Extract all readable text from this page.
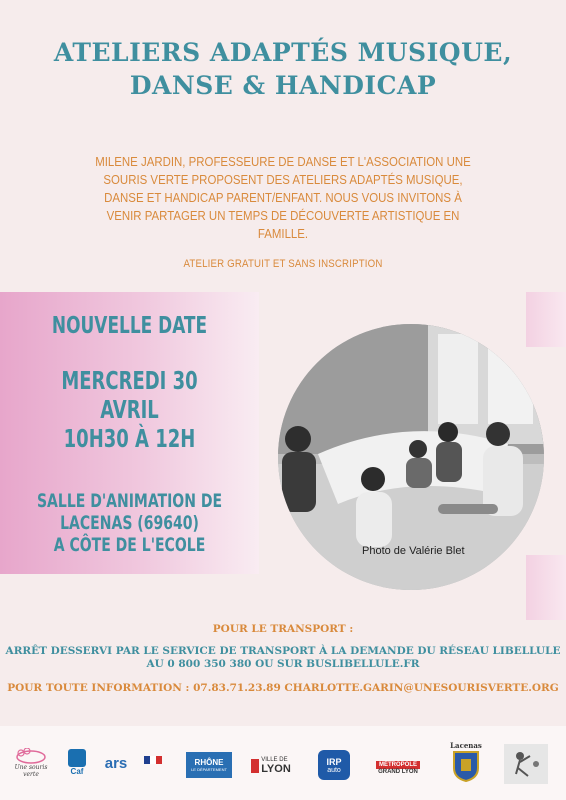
ATELIERS ADAPTÉS MUSIQUE,
DANSE & HANDICAP
MILENE JARDIN, PROFESSEURE DE DANSE ET L'ASSOCIATION UNE SOURIS VERTE PROPOSENT DES ATELIERS ADAPTÉS MUSIQUE, DANSE ET HANDICAP PARENT/ENFANT. NOUS VOUS INVITONS À VENIR PARTAGER UN TEMPS DE DÉCOUVERTE ARTISTIQUE EN FAMILLE.
ATELIER GRATUIT ET SANS INSCRIPTION
NOUVELLE DATE
MERCREDI 30
AVRIL
10H30 À 12H
SALLE D'ANIMATION DE
LACENAS (69640)
A CÔTE DE L'ECOLE	Photo de Valérie Blet
POUR LE TRANSPORT :
ARRÊT DESSERVI PAR LE SERVICE DE TRANSPORT À LA DEMANDE DU RÉSEAU LIBELLULE
AU 0 800 350 380 OU SUR BUSLIBELLULE.FR
POUR TOUTE INFORMATION : 07.83.71.23.89 CHARLOTTE.GARIN@UNESOURISVERTE.ORG
Une souris verte	Caf ars	RHÔNE
LE DÉPARTEMENT
VILLE DE
LYON
IRP
auto
MÉTROPOLE
GRAND LYON
Lacenas
